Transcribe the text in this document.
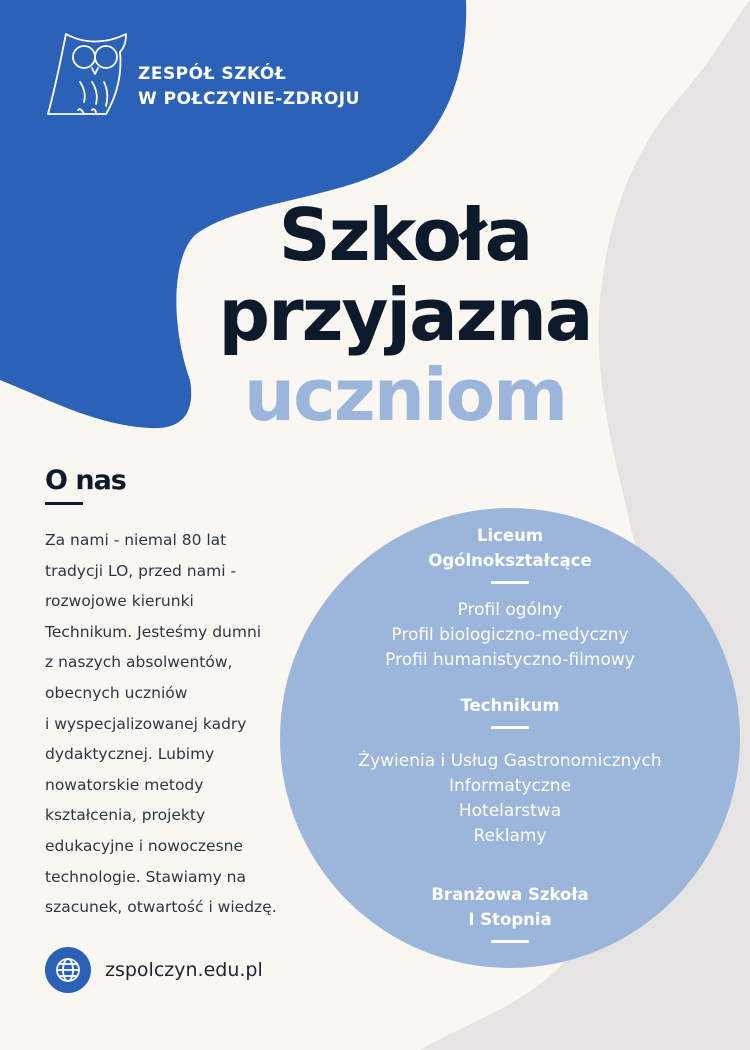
ZESPÓŁ SZKÓŁ
W POŁCZYNIE-ZDROJU
Szkoła
przyjazna
uczniom
O nas

Za nami - niemal 80 lat
tradycji LO, przed nami -
rozwojowe kierunki
Technikum. Jesteśmy dumni
z naszych absolwentów,
obecnych uczniów
i wyspecjalizowanej kadry
dydaktycznej. Lubimy
nowatorskie metody
kształcenia, projekty
edukacyjne i nowoczesne
technologie. Stawiamy na
szacunek, otwartość i wiedzę.

zspolczyn.edu.pl
Liceum
Ogólnokształcące
Profil ogólny
Profil biologiczno-medyczny
Profil humanistyczno-filmowy
Technikum
Żywienia i Usług Gastronomicznych
Informatyczne
Hotelarstwa
Reklamy
Branżowa Szkoła
I Stopnia
